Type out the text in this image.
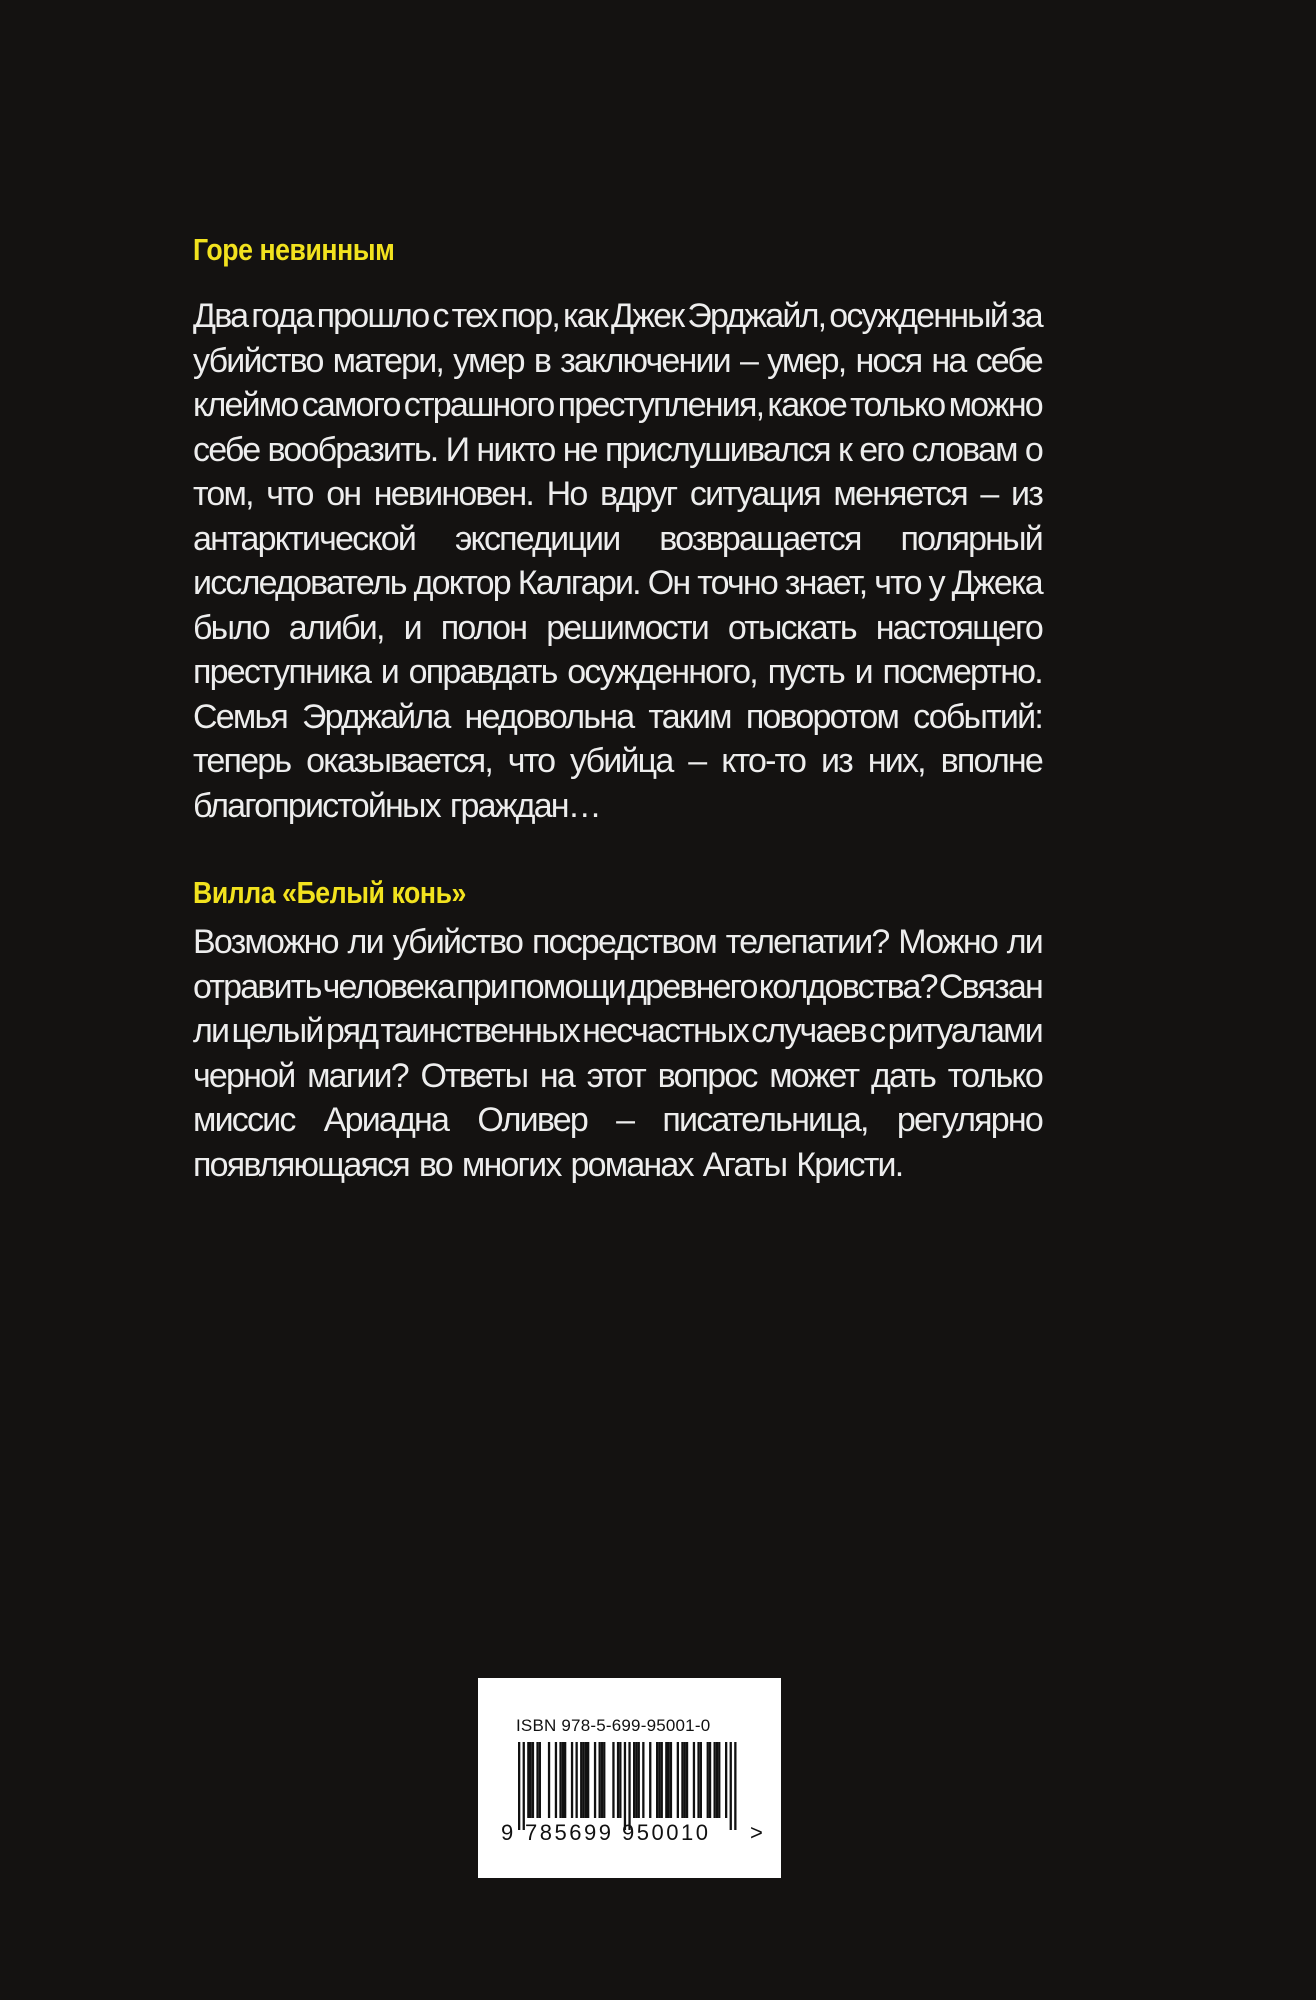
Горе невинным
Два года прошло с тех пор, как Джек Эрджайл, осужденный за
убийство матери, умер в заключении – умер, нося на себе
клеймо самого страшного преступления, какое только можно
себе вообразить. И никто не прислушивался к его словам о
том, что он невиновен. Но вдруг ситуация меняется – из
антарктической экспедиции возвращается полярный
исследователь доктор Калгари. Он точно знает, что у Джека
было алиби, и полон решимости отыскать настоящего
преступника и оправдать осужденного, пусть и посмертно.
Семья Эрджайла недовольна таким поворотом событий:
теперь оказывается, что убийца – кто-то из них, вполне
благопристойных граждан…
Вилла «Белый конь»
Возможно ли убийство посредством телепатии? Можно ли
отравить человека при помощи древнего колдовства? Связан
ли целый ряд таинственных несчастных случаев с ритуалами
черной магии? Ответы на этот вопрос может дать только
миссис Ариадна Оливер – писательница, регулярно
появляющаяся во многих романах Агаты Кристи.
ISBN 978-5-699-95001-0
9 7 8 5 6 9 9 9 5 0 0 1 0 >
